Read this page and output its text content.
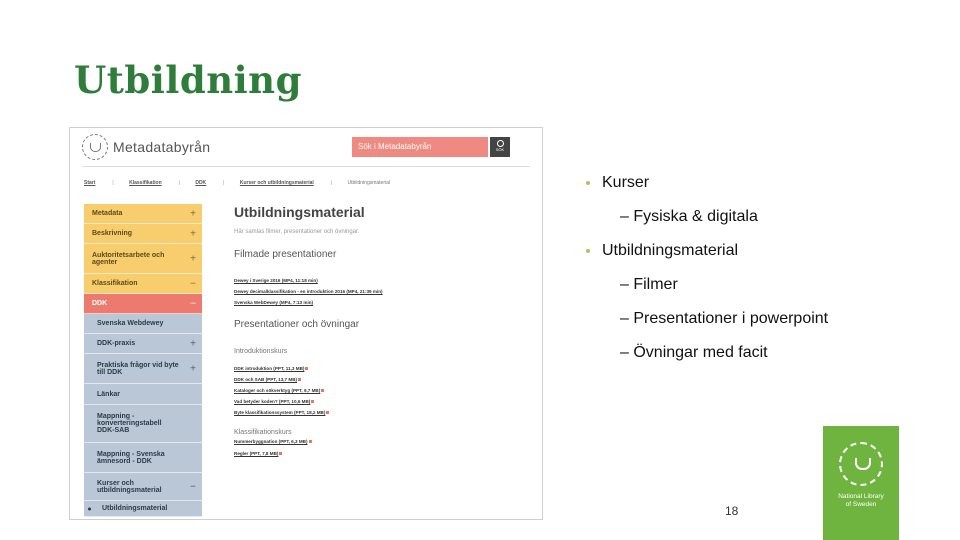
Utbildning
Metadatabyrån	Sök i Metadatabyrån	SÖK
Start	|	Klassifikation	|	DDK	|	Kurser och utbildningsmaterial	|	Utbildningsmaterial
Metadata	+
Beskrivning	+
Auktoritetsarbete och agenter	+
Klassifikation	−
DDK	−
Svenska Webdewey
DDK-praxis	+
Praktiska frågor vid byte till DDK	+
Länkar
Mappning - konverteringstabell DDK-SAB
Mappning - Svenska ämnesord - DDK
Kurser och utbildningsmaterial	−
Utbildningsmaterial
Utbildningsmaterial
Här samlas filmer, presentationer och övningar.
Filmade presentationer
Dewey i Sverige 2016 (MP4, 11:18 min)
Dewey decimalklassifikation - en introduktion 2016 (MP4, 21:39 min)
Svenska WebDewey (MP4, 7:13 min)
Presentationer och övningar
Introduktionskurs
DDK introduktion (PPT, 11,3 MB)
DDK och SAB (PPT, 13,7 MB)
Kataloger och sökverktyg (PPT, 9,7 MB)
Vad betyder koden? (PPT, 10,6 MB)
Byte klassifikationssystem (PPT, 18,2 MB)
Klassifikationskurs
Nummerbyggnation (PPT, 6,3 MB)
Regler (PPT, 7,8 MB)
Kurser
– Fysiska & digitala
Utbildningsmaterial
– Filmer
– Presentationer i powerpoint
– Övningar med facit
18
National Library
of Sweden
